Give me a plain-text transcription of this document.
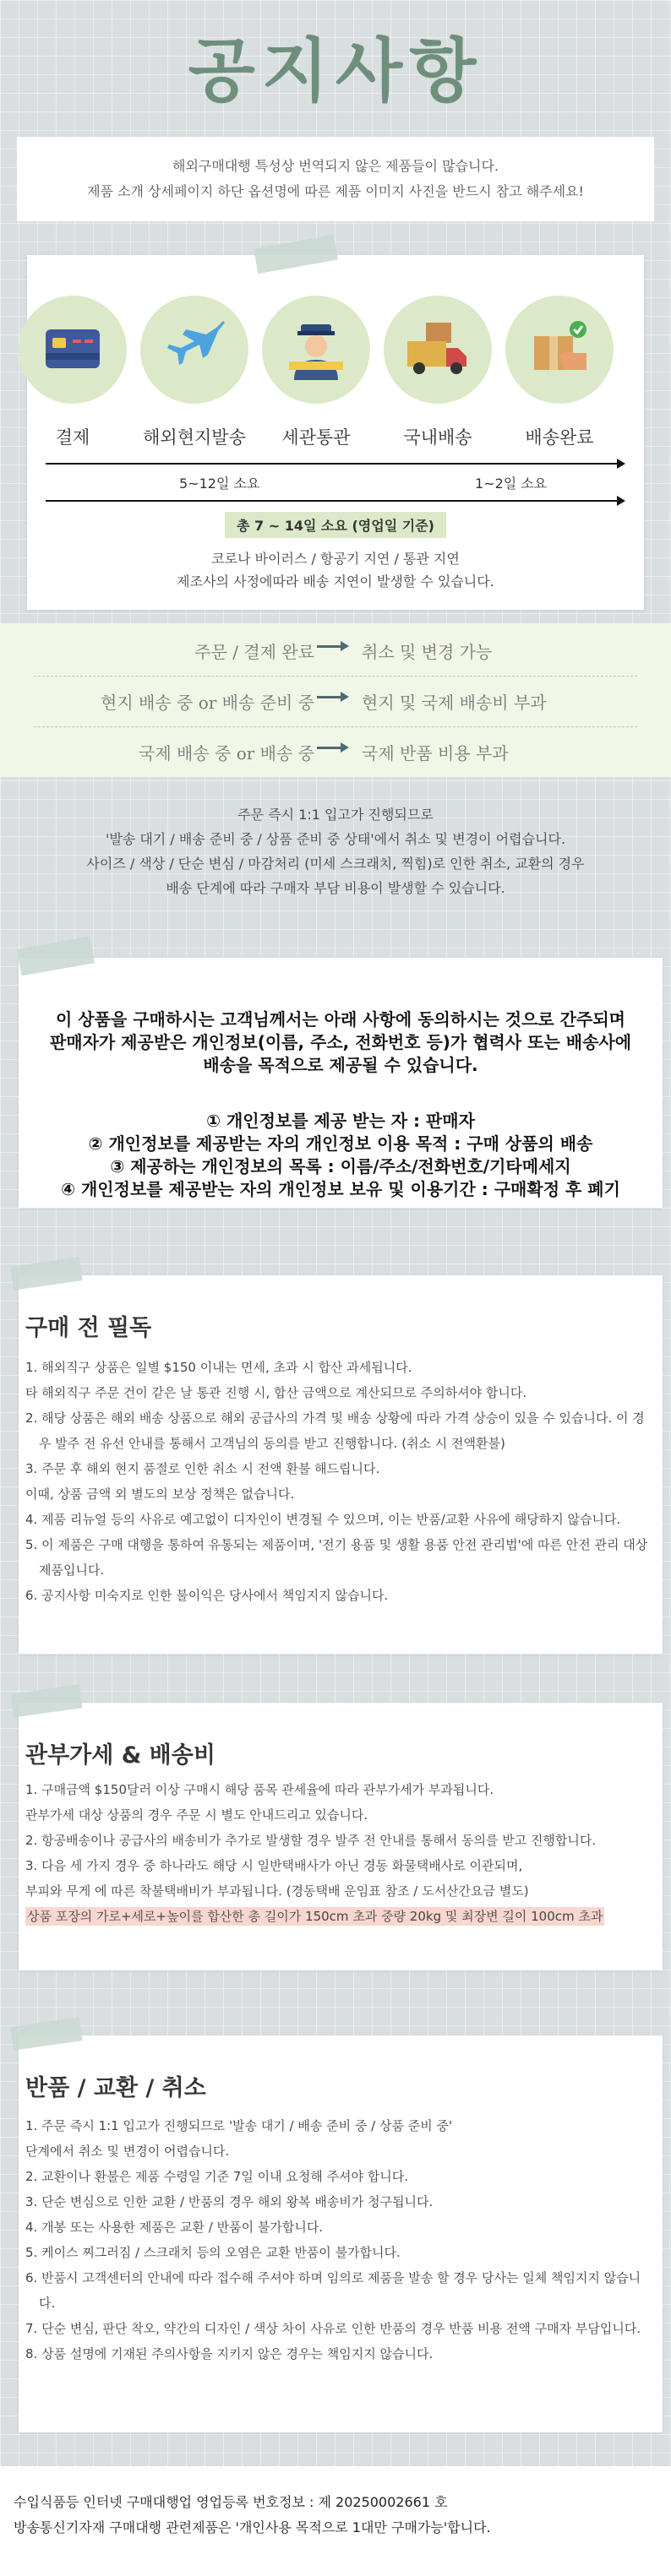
공지사항

해외구매대행 특성상 번역되지 않은 제품들이 많습니다.

제품 소개 상세페이지 하단 옵션명에 따른 제품 이미지 사진을 반드시 참고 해주세요!

결제	해외현지발송	세관통관	국내배송	배송완료
5~12일 소요	1~2일 소요
총 7 ~ 14일 소요 (영업일 기준)
코로나 바이러스 / 항공기 지연 / 통관 지연
제조사의 사정에따라 배송 지연이 발생할 수 있습니다.
주문 / 결제 완료	취소 및 변경 가능
현지 배송 중 or 배송 준비 중	현지 및 국제 배송비 부과
국제 배송 중 or 배송 중	국제 반품 비용 부과
주문 즉시 1:1 입고가 진행되므로
'발송 대기 / 배송 준비 중 / 상품 준비 중 상태'에서 취소 및 변경이 어렵습니다.
사이즈 / 색상 / 단순 변심 / 마감처리 (미세 스크래치, 찍힘)로 인한 취소, 교환의 경우
배송 단계에 따라 구매자 부담 비용이 발생할 수 있습니다.
이 상품을 구매하시는 고객님께서는 아래 사항에 동의하시는 것으로 간주되며
판매자가 제공받은 개인정보(이름, 주소, 전화번호 등)가 협력사 또는 배송사에
배송을 목적으로 제공될 수 있습니다.
① 개인정보를 제공 받는 자 : 판매자
② 개인정보를 제공받는 자의 개인정보 이용 목적 : 구매 상품의 배송
③ 제공하는 개인정보의 목록 : 이름/주소/전화번호/기타메세지
④ 개인정보를 제공받는 자의 개인정보 보유 및 이용기간 : 구매확정 후 폐기
구매 전 필독
1. 해외직구 상품은 일별 $150 이내는 면세, 초과 시 합산 과세됩니다.
타 해외직구 주문 건이 같은 날 통관 진행 시, 합산 금액으로 계산되므로 주의하셔야 합니다.
2. 해당 상품은 해외 배송 상품으로 해외 공급사의 가격 및 배송 상황에 따라 가격 상승이 있을 수 있습니다. 이 경우 발주 전 유선 안내를 통해서 고객님의 동의를 받고 진행합니다. (취소 시 전액환불)
3. 주문 후 해외 현지 품절로 인한 취소 시 전액 환불 해드립니다.
이때, 상품 금액 외 별도의 보상 정책은 없습니다.
4. 제품 리뉴얼 등의 사유로 예고없이 디자인이 변경될 수 있으며, 이는 반품/교환 사유에 해당하지 않습니다.
5. 이 제품은 구매 대행을 통하여 유통되는 제품이며, '전기 용품 및 생활 용품 안전 관리법'에 따른 안전 관리 대상 제품입니다.
6. 공지사항 미숙지로 인한 불이익은 당사에서 책임지지 않습니다.
관부가세 & 배송비
1. 구매금액 $150달러 이상 구매시 해당 품목 관세율에 따라 관부가세가 부과됩니다.
관부가세 대상 상품의 경우 주문 시 별도 안내드리고 있습니다.
2. 항공배송이나 공급사의 배송비가 추가로 발생할 경우 발주 전 안내를 통해서 동의를 받고 진행합니다.
3. 다음 세 가지 경우 중 하나라도 해당 시 일반택배사가 아닌 경동 화물택배사로 이관되며,
부피와 무게 에 따른 착불택배비가 부과됩니다. (경동택배 운임표 참조 / 도서산간요금 별도)
상품 포장의 가로+세로+높이를 합산한 총 길이가 150cm 초과 중량 20kg 및 최장변 길이 100cm 초과
반품 / 교환 / 취소
1. 주문 즉시 1:1 입고가 진행되므로 '발송 대기 / 배송 준비 중 / 상품 준비 중'
단계에서 취소 및 변경이 어렵습니다.
2. 교환이나 환불은 제품 수령일 기준 7일 이내 요청해 주셔야 합니다.
3. 단순 변심으로 인한 교환 / 반품의 경우 해외 왕복 배송비가 청구됩니다.
4. 개봉 또는 사용한 제품은 교환 / 반품이 불가합니다.
5. 케이스 찌그러짐 / 스크래치 등의 오염은 교환 반품이 불가합니다.
6. 반품시 고객센터의 안내에 따라 접수해 주셔야 하며 임의로 제품을 발송 할 경우 당사는 일체 책임지지 않습니다.
7. 단순 변심, 판단 착오, 약간의 디자인 / 색상 차이 사유로 인한 반품의 경우 반품 비용 전액 구매자 부담입니다.
8. 상품 설명에 기재된 주의사항을 지키지 않은 경우는 책임지지 않습니다.

수입식품등 인터넷 구매대행업 영업등록 번호정보 : 제 20250002661 호

방송통신기자재 구매대행 관련제품은 '개인사용 목적으로 1대만 구매가능'합니다.
